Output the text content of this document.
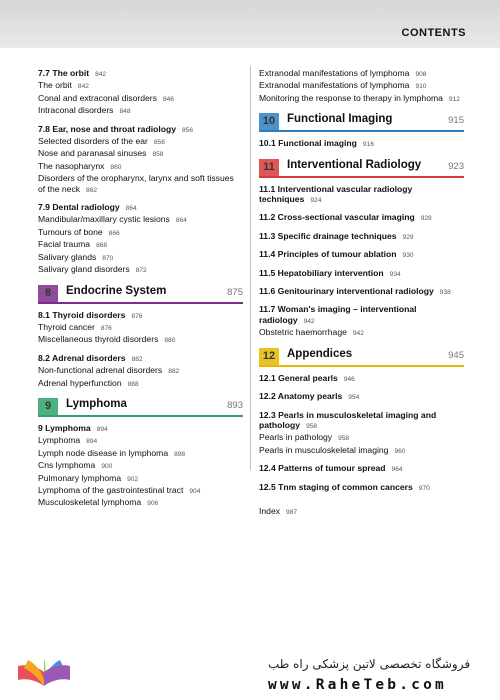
CONTENTS
7.7 The orbit 842
The orbit 842
Conal and extraconal disorders 846
Intraconal disorders 848
7.8 Ear, nose and throat radiology 856
Selected disorders of the ear 856
Nose and paranasal sinuses 858
The nasopharynx 860
Disorders of the oropharynx, larynx and soft tissues of the neck 862
7.9 Dental radiology 864
Mandibular/maxillary cystic lesions 864
Tumours of bone 866
Facial trauma 868
Salivary glands 870
Salivary gland disorders 872
8	Endocrine System	875
8.1 Thyroid disorders 876
Thyroid cancer 876
Miscellaneous thyroid disorders 880
8.2 Adrenal disorders 882
Non-functional adrenal disorders 882
Adrenal hyperfunction 888
9	Lymphoma	893
9 Lymphoma 894
Lymphoma 894
Lymph node disease in lymphoma 898
Cns lymphoma 900
Pulmonary lymphoma 902
Lymphoma of the gastrointestinal tract 904
Musculoskeletal lymphoma 906
Extranodal manifestations of lymphoma 908
Extranodal manifestations of lymphoma 910
Monitoring the response to therapy in lymphoma 912
10	Functional Imaging	915
10.1 Functional imaging 916
11	Interventional Radiology	923
11.1 Interventional vascular radiology techniques 924
11.2 Cross-sectional vascular imaging 928
11.3 Specific drainage techniques 929
11.4 Principles of tumour ablation 930
11.5 Hepatobiliary intervention 934
11.6 Genitourinary interventional radiology 938
11.7 Woman's imaging – interventional radiology 942
Obstetric haemorrhage 942
12	Appendices	945
12.1 General pearls 946
12.2 Anatomy pearls 954
12.3 Pearls in musculoskeletal imaging and pathology 958
Pearls in pathology 958
Pearls in musculoskeletal imaging 960
12.4 Patterns of tumour spread 964
12.5 Tnm staging of common cancers 970
Index 987
فروشگاه تخصصی لاتین پزشکی راه طب
www.RaheTeb.com
